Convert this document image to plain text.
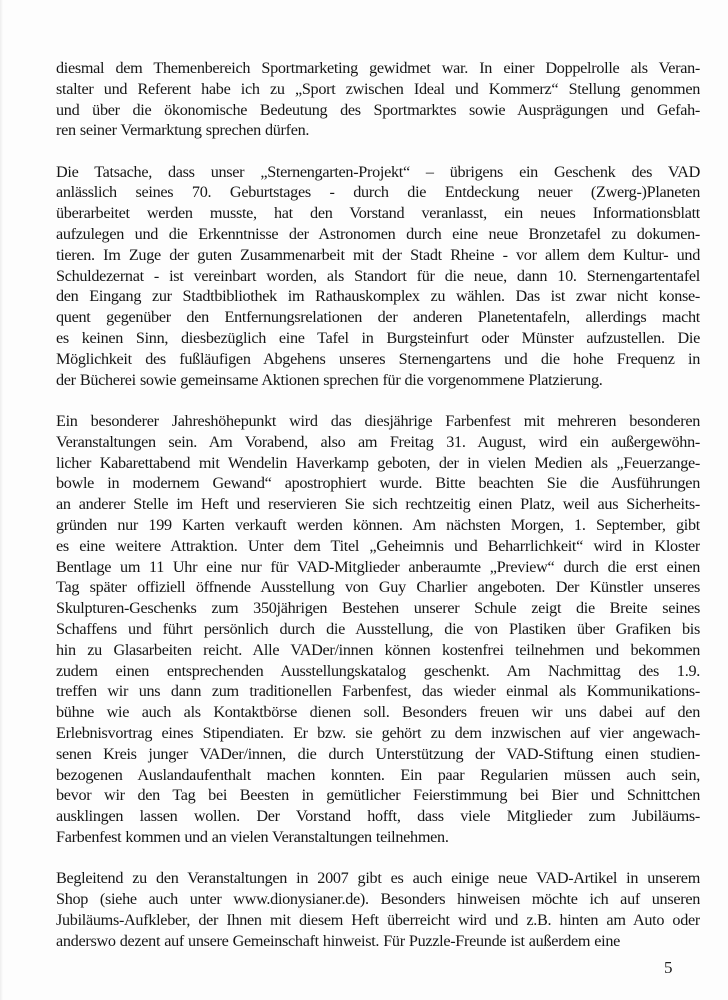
diesmal dem Themenbereich Sportmarketing gewidmet war. In einer Doppelrolle als Veran-
stalter und Referent habe ich zu „Sport zwischen Ideal und Kommerz“ Stellung genommen
und über die ökonomische Bedeutung des Sportmarktes sowie Ausprägungen und Gefah-
ren seiner Vermarktung sprechen dürfen.
Die Tatsache, dass unser „Sternengarten-Projekt“ – übrigens ein Geschenk des VAD
anlässlich seines 70. Geburtstages - durch die Entdeckung neuer (Zwerg-)Planeten
überarbeitet werden musste, hat den Vorstand veranlasst, ein neues Informationsblatt
aufzulegen und die Erkenntnisse der Astronomen durch eine neue Bronzetafel zu dokumen-
tieren. Im Zuge der guten Zusammenarbeit mit der Stadt Rheine - vor allem dem Kultur- und
Schuldezernat - ist vereinbart worden, als Standort für die neue, dann 10. Sternengartentafel
den Eingang zur Stadtbibliothek im Rathauskomplex zu wählen. Das ist zwar nicht konse-
quent gegenüber den Entfernungsrelationen der anderen Planetentafeln, allerdings macht
es keinen Sinn, diesbezüglich eine Tafel in Burgsteinfurt oder Münster aufzustellen. Die
Möglichkeit des fußläufigen Abgehens unseres Sternengartens und die hohe Frequenz in
der Bücherei sowie gemeinsame Aktionen sprechen für die vorgenommene Platzierung.
Ein besonderer Jahreshöhepunkt wird das diesjährige Farbenfest mit mehreren besonderen
Veranstaltungen sein. Am Vorabend, also am Freitag 31. August, wird ein außergewöhn-
licher Kabarettabend mit Wendelin Haverkamp geboten, der in vielen Medien als „Feuerzange-
bowle in modernem Gewand“ apostrophiert wurde. Bitte beachten Sie die Ausführungen
an anderer Stelle im Heft und reservieren Sie sich rechtzeitig einen Platz, weil aus Sicherheits-
gründen nur 199 Karten verkauft werden können. Am nächsten Morgen, 1. September, gibt
es eine weitere Attraktion. Unter dem Titel „Geheimnis und Beharrlichkeit“ wird in Kloster
Bentlage um 11 Uhr eine nur für VAD-Mitglieder anberaumte „Preview“ durch die erst einen
Tag später offiziell öffnende Ausstellung von Guy Charlier angeboten. Der Künstler unseres
Skulpturen-Geschenks zum 350jährigen Bestehen unserer Schule zeigt die Breite seines
Schaffens und führt persönlich durch die Ausstellung, die von Plastiken über Grafiken bis
hin zu Glasarbeiten reicht. Alle VADer/innen können kostenfrei teilnehmen und bekommen
zudem einen entsprechenden Ausstellungskatalog geschenkt. Am Nachmittag des 1.9.
treffen wir uns dann zum traditionellen Farbenfest, das wieder einmal als Kommunikations-
bühne wie auch als Kontaktbörse dienen soll. Besonders freuen wir uns dabei auf den
Erlebnisvortrag eines Stipendiaten. Er bzw. sie gehört zu dem inzwischen auf vier angewach-
senen Kreis junger VADer/innen, die durch Unterstützung der VAD-Stiftung einen studien-
bezogenen Auslandaufenthalt machen konnten. Ein paar Regularien müssen auch sein,
bevor wir den Tag bei Beesten in gemütlicher Feierstimmung bei Bier und Schnittchen
ausklingen lassen wollen. Der Vorstand hofft, dass viele Mitglieder zum Jubiläums-
Farbenfest kommen und an vielen Veranstaltungen teilnehmen.
Begleitend zu den Veranstaltungen in 2007 gibt es auch einige neue VAD-Artikel in unserem
Shop (siehe auch unter www.dionysianer.de). Besonders hinweisen möchte ich auf unseren
Jubiläums-Aufkleber, der Ihnen mit diesem Heft überreicht wird und z.B. hinten am Auto oder
anderswo dezent auf unsere Gemeinschaft hinweist. Für Puzzle-Freunde ist außerdem eine
5
